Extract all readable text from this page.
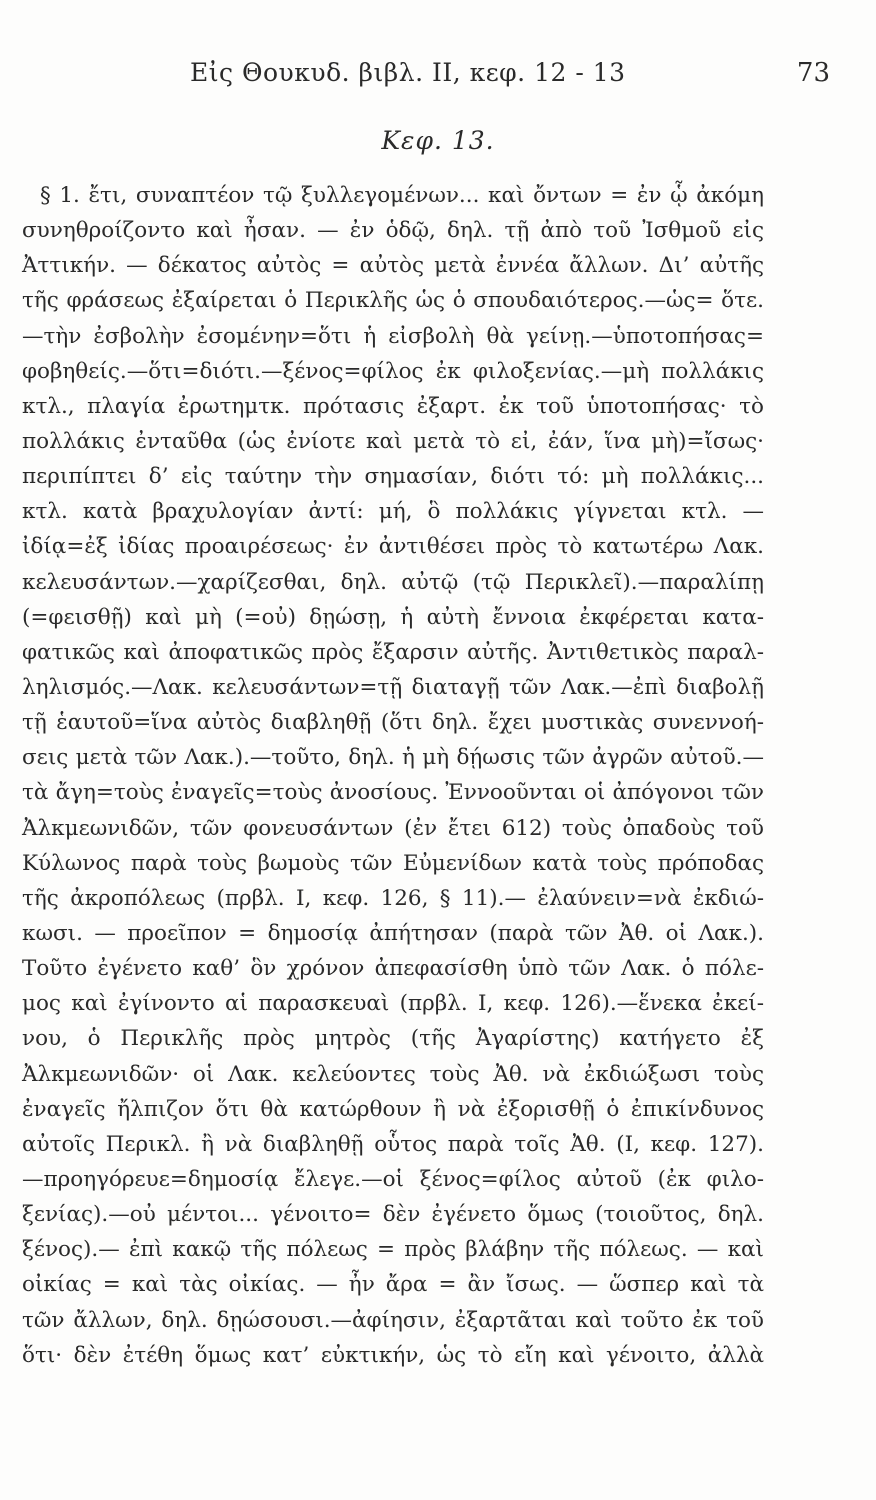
Εἰς Θουκυδ. βιβλ. II, κεφ. 12 - 13	73
Κεφ. 13.
§ 1. ἔτι, συναπτέον τῷ ξυλλεγομένων... καὶ ὄντων = ἐν ᾧ ἀκόμη
συνηθροίζοντο καὶ ἦσαν. — ἐν ὁδῷ, δηλ. τῇ ἀπὸ τοῦ Ἰσθμοῦ εἰς
Ἀττικήν. — δέκατος αὐτὸς = αὐτὸς μετὰ ἐννέα ἄλλων. Δι’ αὐτῆς
τῆς φράσεως ἐξαίρεται ὁ Περικλῆς ὡς ὁ σπουδαιότερος.—ὡς= ὅτε.
—τὴν ἐσβολὴν ἐσομένην=ὅτι ἡ εἰσβολὴ θὰ γείνῃ.—ὑποτοπήσας=
φοβηθείς.—ὅτι=διότι.—ξένος=φίλος ἐκ φιλοξενίας.—μὴ πολλάκις
κτλ., πλαγία ἐρωτημτκ. πρότασις ἐξαρτ. ἐκ τοῦ ὑποτοπήσας· τὸ
πολλάκις ἐνταῦθα (ὡς ἐνίοτε καὶ μετὰ τὸ εἰ, ἐάν, ἵνα μὴ)=ἴσως·
περιπίπτει δ’ εἰς ταύτην τὴν σημασίαν, διότι τό: μὴ πολλάκις...
κτλ. κατὰ βραχυλογίαν ἀντί: μή, ὃ πολλάκις γίγνεται κτλ. —
ἰδίᾳ=ἐξ ἰδίας προαιρέσεως· ἐν ἀντιθέσει πρὸς τὸ κατωτέρω Λακ.
κελευσάντων.—χαρίζεσθαι, δηλ. αὐτῷ (τῷ Περικλεῖ).—παραλίπῃ
(=φεισθῇ) καὶ μὴ (=οὐ) δῃώσῃ, ἡ αὐτὴ ἔννοια ἐκφέρεται κατα-
φατικῶς καὶ ἀποφατικῶς πρὸς ἔξαρσιν αὐτῆς. Ἀντιθετικὸς παραλ-
ληλισμός.—Λακ. κελευσάντων=τῇ διαταγῇ τῶν Λακ.—ἐπὶ διαβολῇ
τῇ ἑαυτοῦ=ἵνα αὐτὸς διαβληθῇ (ὅτι δηλ. ἔχει μυστικὰς συνεννοή-
σεις μετὰ τῶν Λακ.).—τοῦτο, δηλ. ἡ μὴ δῄωσις τῶν ἀγρῶν αὐτοῦ.—
τὰ ἄγη=τοὺς ἐναγεῖς=τοὺς ἀνοσίους. Ἐννοοῦνται οἱ ἀπόγονοι τῶν
Ἀλκμεωνιδῶν, τῶν φονευσάντων (ἐν ἔτει 612) τοὺς ὀπαδοὺς τοῦ
Κύλωνος παρὰ τοὺς βωμοὺς τῶν Εὐμενίδων κατὰ τοὺς πρόποδας
τῆς ἀκροπόλεως (πρβλ. I, κεφ. 126, § 11).— ἐλαύνειν=νὰ ἐκδιώ-
κωσι. — προεῖπον = δημοσίᾳ ἀπήτησαν (παρὰ τῶν Ἀθ. οἱ Λακ.).
Τοῦτο ἐγένετο καθ’ ὃν χρόνον ἀπεφασίσθη ὑπὸ τῶν Λακ. ὁ πόλε-
μος καὶ ἐγίνοντο αἱ παρασκευαὶ (πρβλ. I, κεφ. 126).—ἕνεκα ἐκεί-
νου, ὁ Περικλῆς πρὸς μητρὸς (τῆς Ἀγαρίστης) κατήγετο ἐξ
Ἀλκμεωνιδῶν· οἱ Λακ. κελεύοντες τοὺς Ἀθ. νὰ ἐκδιώξωσι τοὺς
ἐναγεῖς ἤλπιζον ὅτι θὰ κατώρθουν ἢ νὰ ἐξορισθῇ ὁ ἐπικίνδυνος
αὐτοῖς Περικλ. ἢ νὰ διαβληθῇ οὗτος παρὰ τοῖς Ἀθ. (I, κεφ. 127).
—προηγόρευε=δημοσίᾳ ἔλεγε.—οἱ ξένος=φίλος αὐτοῦ (ἐκ φιλο-
ξενίας).—οὐ μέντοι... γένοιτο= δὲν ἐγένετο ὅμως (τοιοῦτος, δηλ.
ξένος).— ἐπὶ κακῷ τῆς πόλεως = πρὸς βλάβην τῆς πόλεως. — καὶ
οἰκίας = καὶ τὰς οἰκίας. — ἦν ἄρα = ἂν ἴσως. — ὥσπερ καὶ τὰ
τῶν ἄλλων, δηλ. δῃώσουσι.—ἀφίησιν, ἐξαρτᾶται καὶ τοῦτο ἐκ τοῦ
ὅτι· δὲν ἐτέθη ὅμως κατ’ εὐκτικήν, ὡς τὸ εἴη καὶ γένοιτο, ἀλλὰ
